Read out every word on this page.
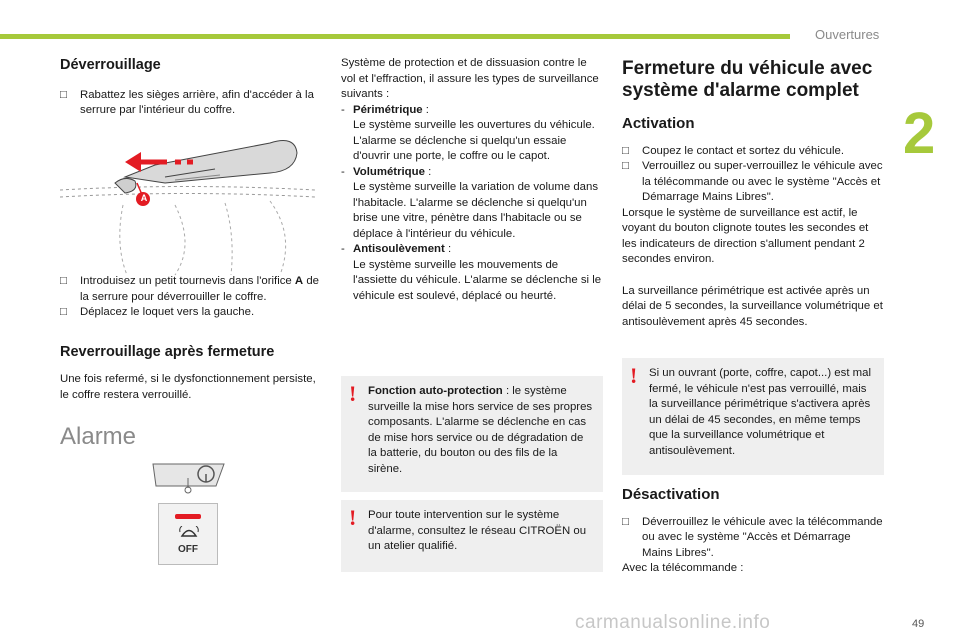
Ouvertures
2
49
carmanualsonline.info
Déverrouillage
□ Rabattez les sièges arrière, afin d'accéder à la serrure par l'intérieur du coffre.
A
□ Introduisez un petit tournevis dans l'orifice A de la serrure pour déverrouiller le coffre.
□ Déplacez le loquet vers la gauche.
Reverrouillage après fermeture

Une fois refermé, si le dysfonctionnement persiste, le coffre restera verrouillé.

Alarme
OFF

Système de protection et de dissuasion contre le vol et l'effraction, il assure les types de surveillance suivants :

- Périmétrique :
Le système surveille les ouvertures du véhicule. L'alarme se déclenche si quelqu'un essaie d'ouvrir une porte, le coffre ou le capot.
- Volumétrique :
Le système surveille la variation de volume dans l'habitacle. L'alarme se déclenche si quelqu'un brise une vitre, pénètre dans l'habitacle ou se déplace à l'intérieur du véhicule.
- Antisoulèvement :
Le système surveille les mouvements de l'assiette du véhicule. L'alarme se déclenche si le véhicule est soulevé, déplacé ou heurté.
!	Fonction auto-protection : le système surveille la mise hors service de ses propres composants. L'alarme se déclenche en cas de mise hors service ou de dégradation de la batterie, du bouton ou des fils de la sirène.
!	Pour toute intervention sur le système d'alarme, consultez le réseau CITROËN ou un atelier qualifié.
Fermeture du véhicule avec système d'alarme complet
Activation
□ Coupez le contact et sortez du véhicule.
□ Verrouillez ou super-verrouillez le véhicule avec la télécommande ou avec le système "Accès et Démarrage Mains Libres".

Lorsque le système de surveillance est actif, le voyant du bouton clignote toutes les secondes et les indicateurs de direction s'allument pendant 2 secondes environ.

La surveillance périmétrique est activée après un délai de 5 secondes, la surveillance volumétrique et antisoulèvement après 45 secondes.

!	Si un ouvrant (porte, coffre, capot...) est mal fermé, le véhicule n'est pas verrouillé, mais la surveillance périmétrique s'activera après un délai de 45 secondes, en même temps que la surveillance volumétrique et antisoulèvement.
Désactivation
□ Déverrouillez le véhicule avec la télécommande ou avec le système "Accès et Démarrage Mains Libres".

Avec la télécommande :
